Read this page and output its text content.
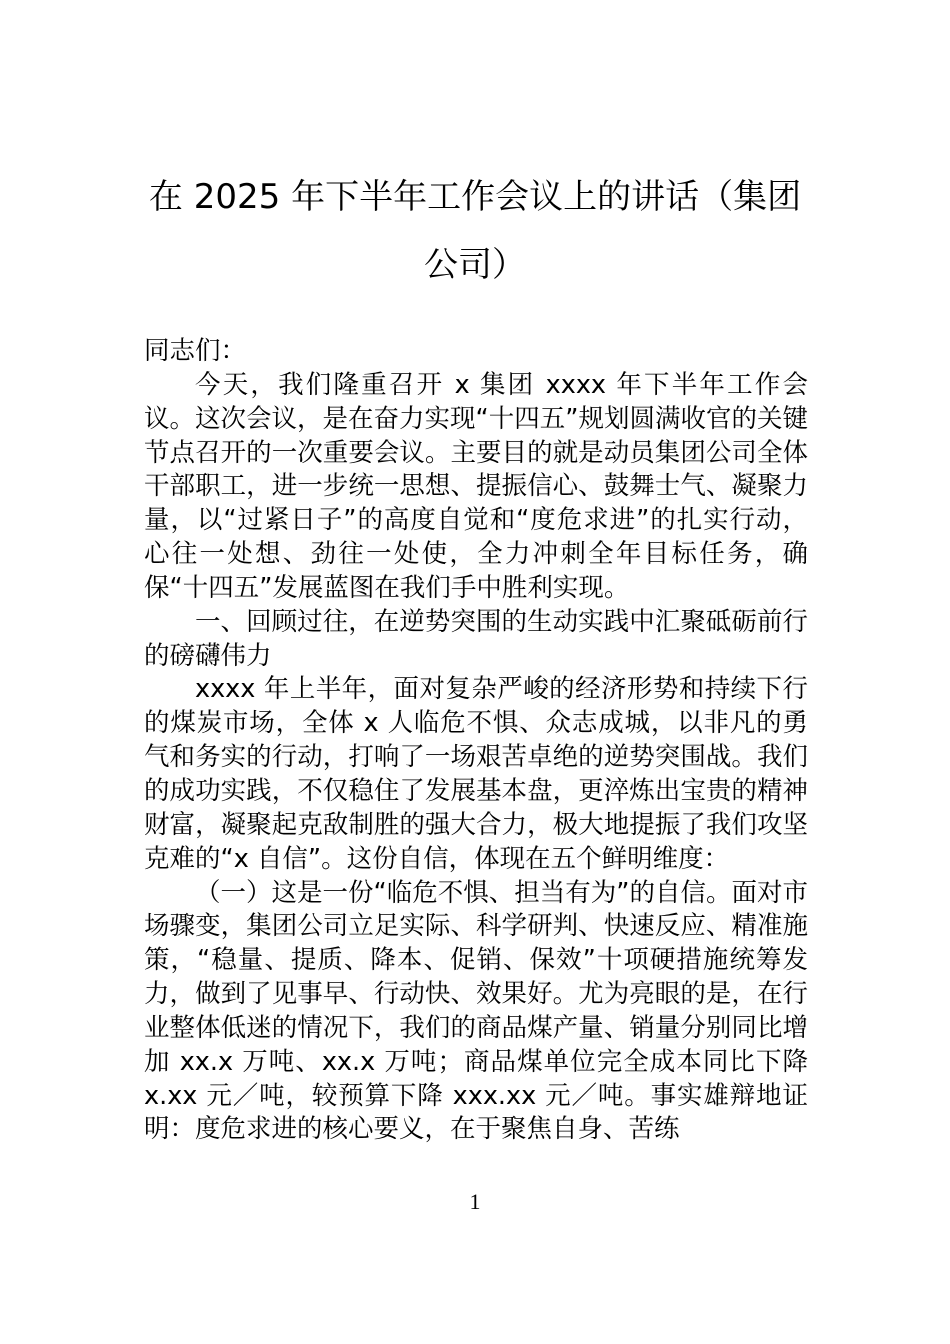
在 2025 年下半年工作会议上的讲话（集团
公司）

同志们：

今天，我们隆重召开 x 集团 xxxx 年下半年工作会议。这次会议，是在奋力实现“十四五”规划圆满收官的关键节点召开的一次重要会议。主要目的就是动员集团公司全体干部职工，进一步统一思想、提振信心、鼓舞士气、凝聚力量，以“过紧日子”的高度自觉和“度危求进”的扎实行动，心往一处想、劲往一处使，全力冲刺全年目标任务，确保“十四五”发展蓝图在我们手中胜利实现。

一、回顾过往，在逆势突围的生动实践中汇聚砥砺前行的磅礴伟力

xxxx 年上半年，面对复杂严峻的经济形势和持续下行的煤炭市场，全体 x 人临危不惧、众志成城，以非凡的勇气和务实的行动，打响了一场艰苦卓绝的逆势突围战。我们的成功实践，不仅稳住了发展基本盘，更淬炼出宝贵的精神财富，凝聚起克敌制胜的强大合力，极大地提振了我们攻坚克难的“x 自信”。这份自信，体现在五个鲜明维度：

（一）这是一份“临危不惧、担当有为”的自信。面对市场骤变，集团公司立足实际、科学研判、快速反应、精准施策，“稳量、提质、降本、促销、保效”十项硬措施统筹发力，做到了见事早、行动快、效果好。尤为亮眼的是，在行业整体低迷的情况下，我们的商品煤产量、销量分别同比增加 xx.x 万吨、xx.x 万吨；商品煤单位完全成本同比下降 x.xx 元／吨，较预算下降 xxx.xx 元／吨。事实雄辩地证明：度危求进的核心要义，在于聚焦自身、苦练

1
